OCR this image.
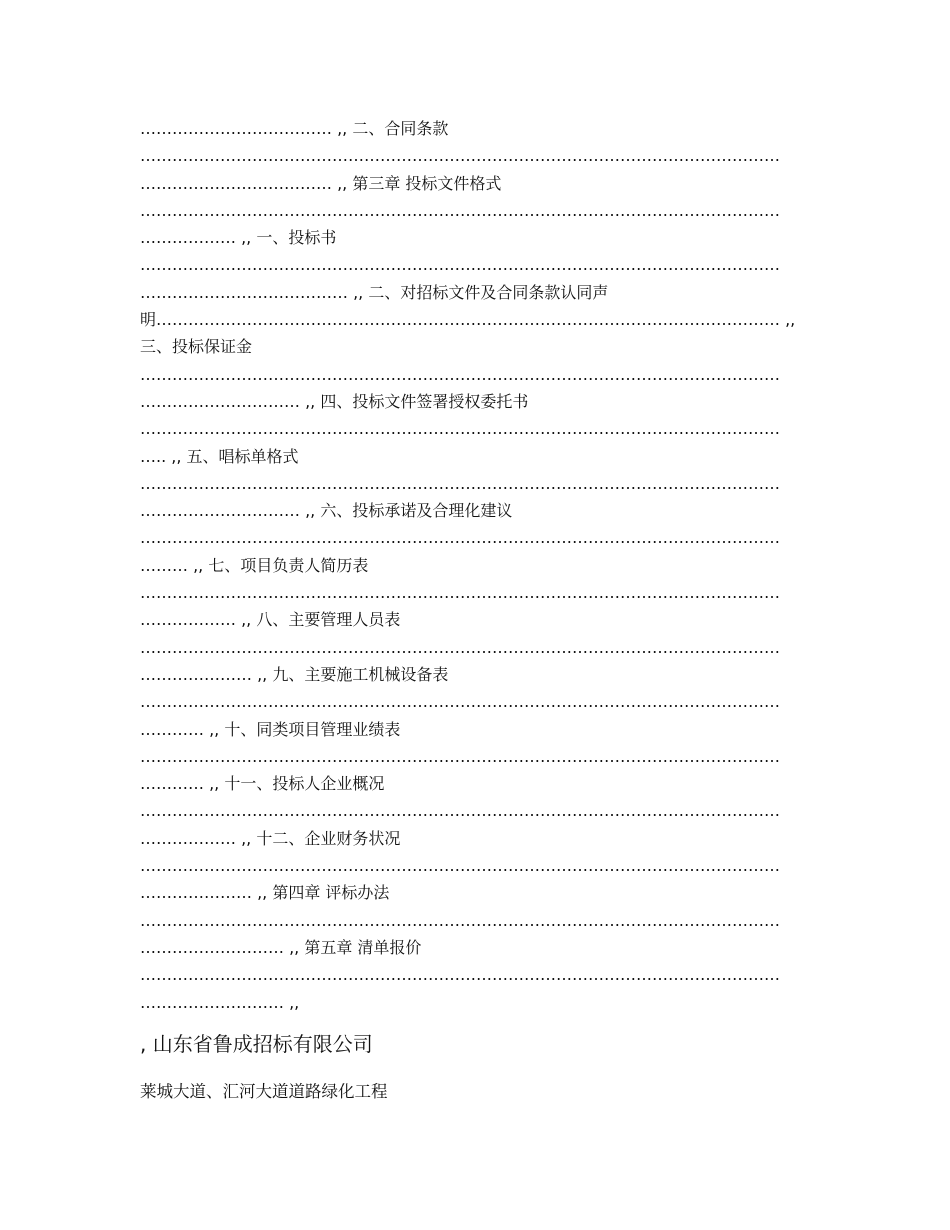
……………………………… ,, 二、合同条款
…………………………………………………………………………………………………………
……………………………… ,, 第三章 投标文件格式
…………………………………………………………………………………………………………
……………… ,, 一、投标书
…………………………………………………………………………………………………………
………………………………… ,, 二、对招标文件及合同条款认同声
明……………………………………………………………………………………………………… ,,
三、投标保证金
…………………………………………………………………………………………………………
………………………… ,, 四、投标文件签署授权委托书
…………………………………………………………………………………………………………
….. ,, 五、唱标单格式
…………………………………………………………………………………………………………
………………………… ,, 六、投标承诺及合理化建议
…………………………………………………………………………………………………………
……… ,, 七、项目负责人简历表
…………………………………………………………………………………………………………
……………… ,, 八、主要管理人员表
…………………………………………………………………………………………………………
………………… ,, 九、主要施工机械设备表
…………………………………………………………………………………………………………
………… ,, 十、同类项目管理业绩表
…………………………………………………………………………………………………………
………… ,, 十一、投标人企业概况
…………………………………………………………………………………………………………
……………… ,, 十二、企业财务状况
…………………………………………………………………………………………………………
………………… ,, 第四章 评标办法
…………………………………………………………………………………………………………
……………………… ,, 第五章 清单报价
…………………………………………………………………………………………………………
……………………… ,,
, 山东省鲁成招标有限公司
莱城大道、汇河大道道路绿化工程
